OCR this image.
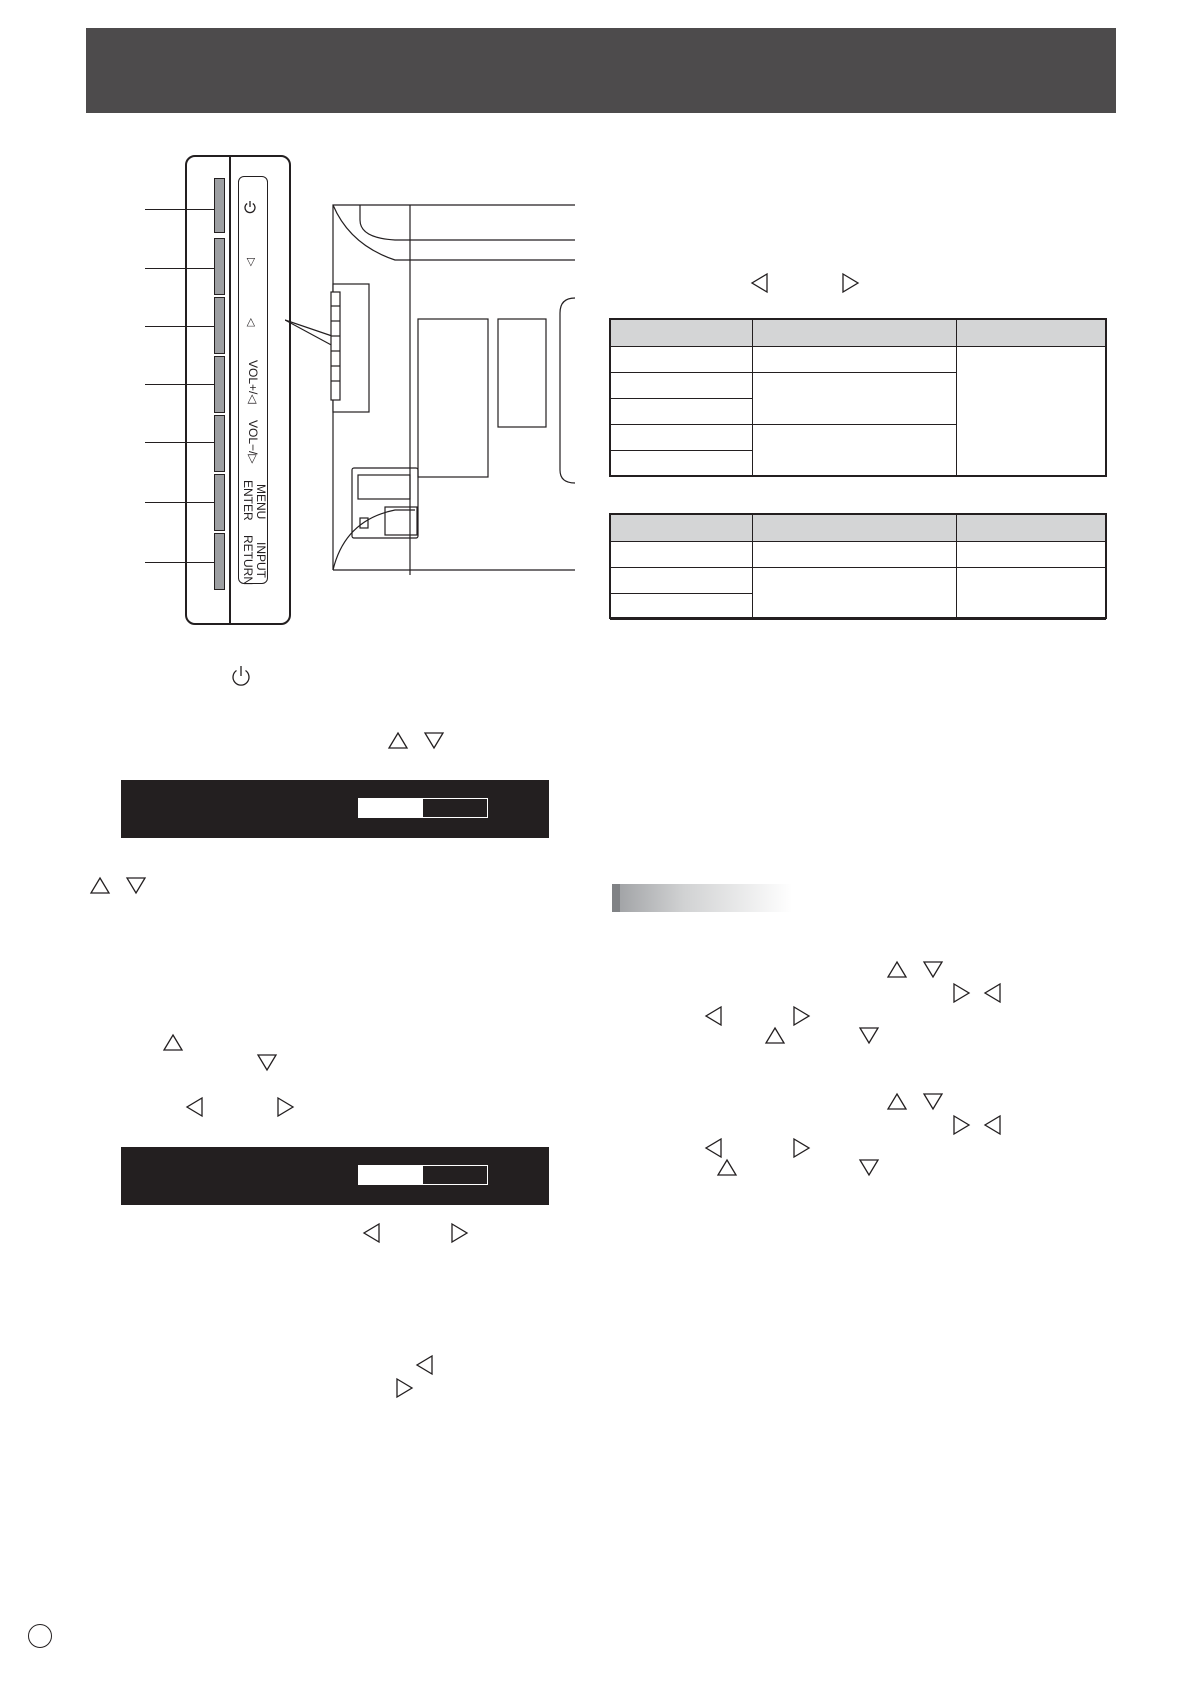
▷
◁
VOL+/◁
VOL−/▷
MENU
ENTER
INPUT
RETURN
